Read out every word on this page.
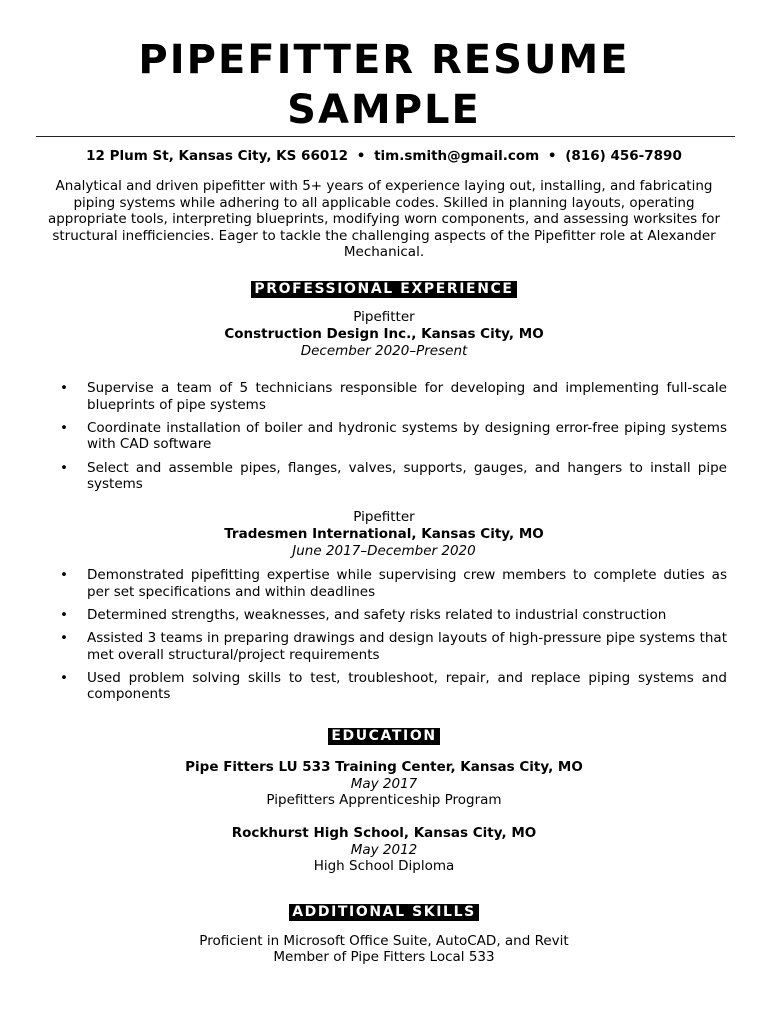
PIPEFITTER RESUME
SAMPLE
12 Plum St, Kansas City, KS 66012 • tim.smith@gmail.com • (816) 456-7890

Analytical and driven pipefitter with 5+ years of experience laying out, installing, and fabricating piping systems while adhering to all applicable codes. Skilled in planning layouts, operating appropriate tools, interpreting blueprints, modifying worn components, and assessing worksites for structural inefficiencies. Eager to tackle the challenging aspects of the Pipefitter role at Alexander Mechanical.

PROFESSIONAL EXPERIENCE
Pipefitter
Construction Design Inc., Kansas City, MO
December 2020–Present
• Supervise a team of 5 technicians responsible for developing and implementing full-scale blueprints of pipe systems
• Coordinate installation of boiler and hydronic systems by designing error-free piping systems with CAD software
• Select and assemble pipes, flanges, valves, supports, gauges, and hangers to install pipe systems
Pipefitter
Tradesmen International, Kansas City, MO
June 2017–December 2020
• Demonstrated pipefitting expertise while supervising crew members to complete duties as per set specifications and within deadlines
• Determined strengths, weaknesses, and safety risks related to industrial construction
• Assisted 3 teams in preparing drawings and design layouts of high-pressure pipe systems that met overall structural/project requirements
• Used problem solving skills to test, troubleshoot, repair, and replace piping systems and components
EDUCATION
Pipe Fitters LU 533 Training Center, Kansas City, MO
May 2017
Pipefitters Apprenticeship Program
Rockhurst High School, Kansas City, MO
May 2012
High School Diploma
ADDITIONAL SKILLS
Proficient in Microsoft Office Suite, AutoCAD, and Revit
Member of Pipe Fitters Local 533
